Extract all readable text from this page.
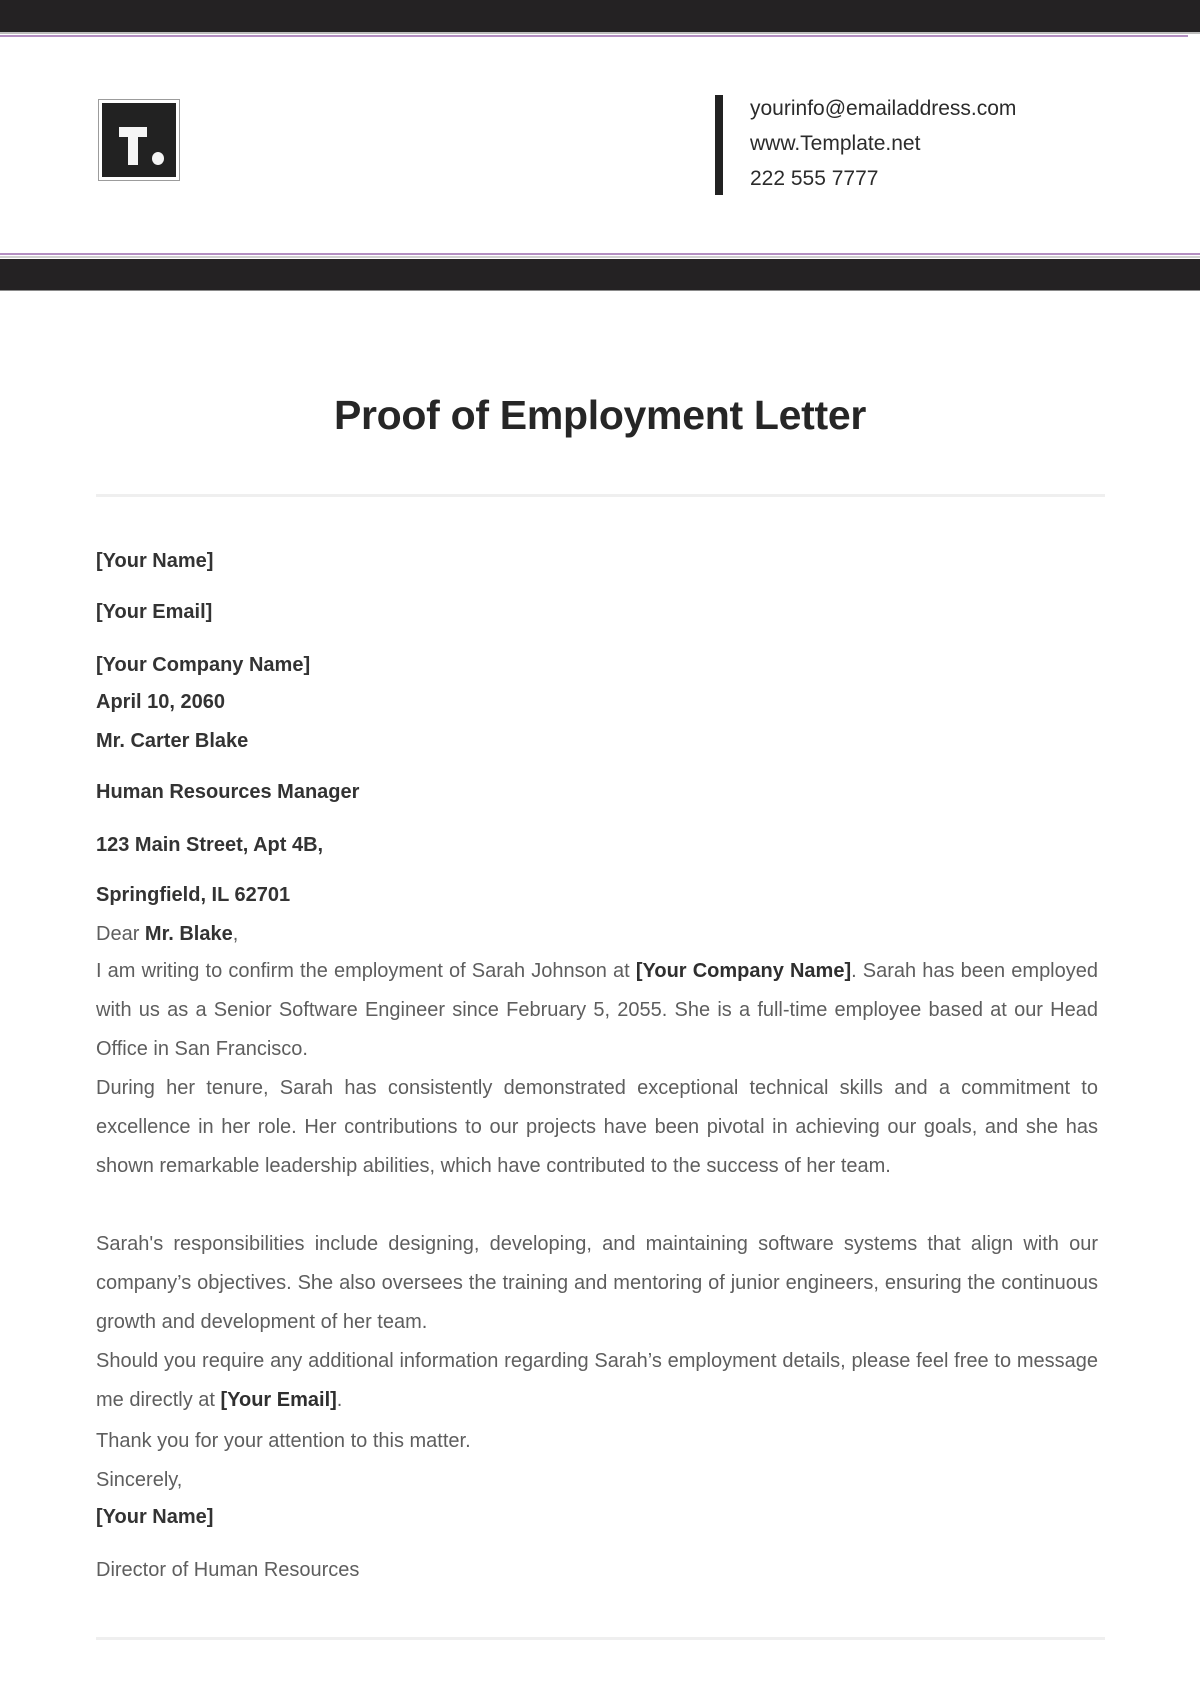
yourinfo@emailaddress.com
www.Template.net
222 555 7777
Proof of Employment Letter
[Your Name]
[Your Email]
[Your Company Name]
April 10, 2060
Mr. Carter Blake
Human Resources Manager
123 Main Street, Apt 4B,
Springfield, IL 62701
Dear Mr. Blake,
I am writing to confirm the employment of Sarah Johnson at [Your Company Name]. Sarah has been employed with us as a Senior Software Engineer since February 5, 2055. She is a full-time employee based at our Head Office in San Francisco.
During her tenure, Sarah has consistently demonstrated exceptional technical skills and a commitment to excellence in her role. Her contributions to our projects have been pivotal in achieving our goals, and she has shown remarkable leadership abilities, which have contributed to the success of her team.
Sarah's responsibilities include designing, developing, and maintaining software systems that align with our company’s objectives. She also oversees the training and mentoring of junior engineers, ensuring the continuous growth and development of her team.
Should you require any additional information regarding Sarah’s employment details, please feel free to message me directly at [Your Email].
Thank you for your attention to this matter.
Sincerely,
[Your Name]
Director of Human Resources
